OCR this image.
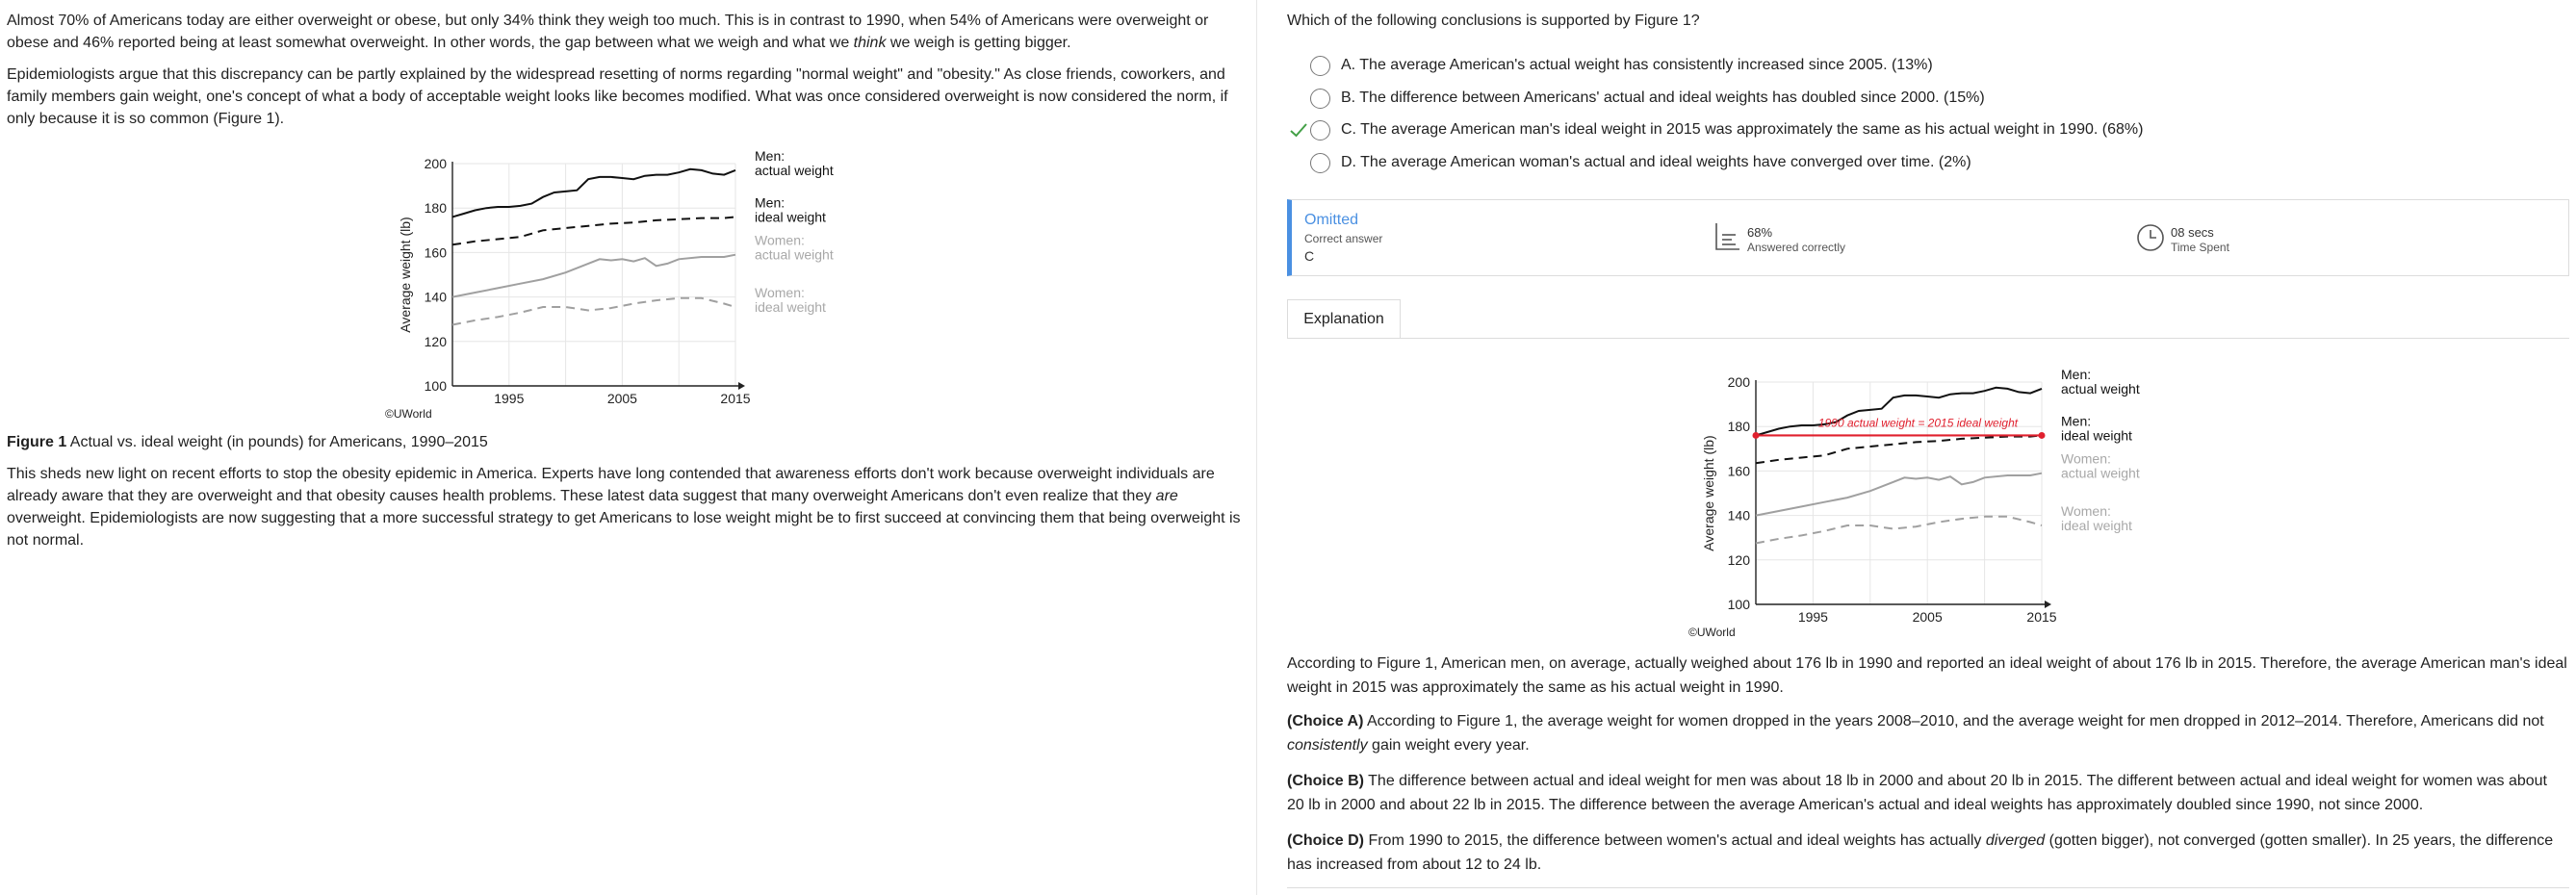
Almost 70% of Americans today are either overweight or obese, but only 34% think they weigh too much. This is in contrast to 1990, when 54% of Americans were overweight or obese and 46% reported being at least somewhat overweight. In other words, the gap between what we weigh and what we think we weigh is getting bigger.
Epidemiologists argue that this discrepancy can be partly explained by the widespread resetting of norms regarding "normal weight" and "obesity." As close friends, coworkers, and family members gain weight, one's concept of what a body of acceptable weight looks like becomes modified. What was once considered overweight is now considered the norm, if only because it is so common (Figure 1).
100
120
140
160
180
200
1995	2005	2015
Average weight (lb)
©UWorld
Men:
actual weight
Men:
ideal weight
Women:
actual weight
Women:
ideal weight
Figure 1 Actual vs. ideal weight (in pounds) for Americans, 1990–2015
This sheds new light on recent efforts to stop the obesity epidemic in America. Experts have long contended that awareness efforts don't work because overweight individuals are already aware that they are overweight and that obesity causes health problems. These latest data suggest that many overweight Americans don't even realize that they are overweight. Epidemiologists are now suggesting that a more successful strategy to get Americans to lose weight might be to first succeed at convincing them that being overweight is not normal.
Which of the following conclusions is supported by Figure 1?
A. The average American's actual weight has consistently increased since 2005. (13%)
B. The difference between Americans' actual and ideal weights has doubled since 2000. (15%)
C. The average American man's ideal weight in 2015 was approximately the same as his actual weight in 1990. (68%)
D. The average American woman's actual and ideal weights have converged over time. (2%)
Omitted
Correct answer
C
68%
Answered correctly
08 secs
Time Spent
Explanation
100
120
140
160
180
200
1995	2005	2015
Average weight (lb)
©UWorld
Men:
actual weight
Men:
ideal weight
Women:
actual weight
Women:
ideal weight
1990 actual weight = 2015 ideal weight
According to Figure 1, American men, on average, actually weighed about 176 lb in 1990 and reported an ideal weight of about 176 lb in 2015. Therefore, the average American man's ideal weight in 2015 was approximately the same as his actual weight in 1990.
(Choice A) According to Figure 1, the average weight for women dropped in the years 2008–2010, and the average weight for men dropped in 2012–2014. Therefore, Americans did not consistently gain weight every year.
(Choice B) The difference between actual and ideal weight for men was about 18 lb in 2000 and about 20 lb in 2015. The different between actual and ideal weight for women was about 20 lb in 2000 and about 22 lb in 2015. The difference between the average American's actual and ideal weights has approximately doubled since 1990, not since 2000.
(Choice D) From 1990 to 2015, the difference between women's actual and ideal weights has actually diverged (gotten bigger), not converged (gotten smaller). In 25 years, the difference has increased from about 12 to 24 lb.
